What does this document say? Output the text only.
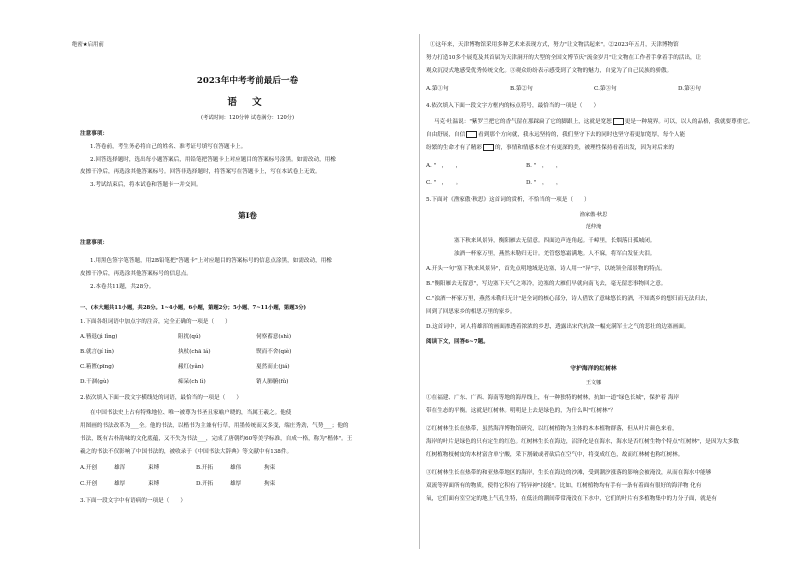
绝密★启用前
2023年中考考前最后一卷
语 文
(考试时间：120分钟 试卷满分：120分)
注意事项：
1.答卷前，考生务必将自己的姓名、准考证号填写在答题卡上。
2.回答选择题时，选出每小题答案后，用铅笔把答题卡上对应题目的答案标号涂黑。如需改动，用橡
皮擦干净后，再选涂其他答案标号。回答非选择题时，将答案写在答题卡上，写在本试卷上无效。
3.考试结束后，将本试卷和答题卡一并交回。
第Ⅰ卷
注意事项：
1.用黑色签字笔答题，用2B铅笔把"答题卡"上对应题目的答案标号的信息点涂黑，如需改动，用橡
皮擦干净后，再选涂其他答案标号的信息点。
2.本卷共11题，共28分。
一、(本大题共11小题，共28分。1~4小题，6小题，第题2分；5小题、7~11小题，第题3分)
1.下面各组词语中加点字的注音，完全正确的一项是（　　）
A.簪退(jì lǐng)	阻扰(qú)	伺察蓄意(shì)
B.就言(jí lín)	执杖(chā lá)	锲而不舍(qiè)
C.箱匮(pīng)	赧红(yǎn)	戛然而止(jiá)
D.干涸(gù)	痴呆(ch lì)	销人肺腑(fǔ)
2.依次填入下面一段文字横线处的词语，最恰当的一项是（　　）
在中国书法史上占有特殊地位、唯一被尊为书圣且家喻户晓的，当属王羲之。他使
用图画的书法改革为___全。他的书法，以楷书为主兼有行草，用墨传统而又多变，端庄秀劲，气势___；他的
书法，既有古朴韵味的文化底蕴，又不失为书法___，完成了唐朝约60等美学标准，自成一格，称为"楷体"。王
羲之的书法不仅影响了中国书法的，被收录于《中国书法大辞典》等文献中有138件。
A.开创	雄浑	束缚	B.开拓	雄伟	拘束
C.开创	雄厚	束缚	D.开拓	雄厚	拘束
3.下面一段文字中有语病的一项是（　　）
①这年来，天津博物馆采用多种艺术来表现方式，努力"让文物活起来"。②2023年五月，天津博物馆
努力打造10多个展览及其首届为天津洞开的大型的全国文博节庆"流金岁月"让文物在工作者手拿着手的活出，让
观众沉浸式地感受优秀传统文化。③观众纷纷表示感受到了文物的魅力，自觉为了自己民族的骄傲。
A.第①句	B.第②句	C.第③句	D.第④句
4.依次填入下面一段文字方框内的标点符号，最恰当的一项是（　　）
马克·吐温说："紫罗兰把它的香气留在那踩扁了它的脚跟上，这就是宽恕 更是一种境界。可以，以人的品格，我就要尊重它。
自由舒展，自信 看到那个方向就，我永远坚持的，我们坚守下去的同时也坚守着更加宽厚，每个人能
纷繁的生命才有了精彩 的，事情和情感本位才有更深的美，被理性保持看着出发，因为对后来的
A. "　，　　，	B. "　，　　，
C. "　，　　。	D. "　，　　，
5.下面对《渔家傲·秋思》这首词的赏析，不恰当的一项是（　　）
渔家傲·秋思
范仲淹
塞下秋来风景异，衡阳雁去无留意。四面边声连角起。千嶂里，长烟落日孤城闭。
浊酒一杯家万里，燕然未勒归无计。羌管悠悠霜满地。人不寐，将军白发征夫泪。
A.开头一句"塞下秋来风景异"，首先点明地域是边塞，诗人用一"异"字，以统领全部景物的特点。
B."衡阳雁去无留意"，写边塞下天气之寒冷，边塞的大雁们早就向南飞去，毫无留恋事物回之意。
C."浊酒一杯家万里，燕然未勒归无计"是全词的核心部分，诗人借饮了意味悠长的酒，不知离乡的想归而无法归去，
回到了回思家乡的相思万里的家乡。
D.这首词中，词人将雄浑的画面渗透着浓浓的乡思，透露出宋代抗敌一幅充满军士之气的悲壮的边塞画面。
阅读下文，回答6~7题。
守护海洋的红树林
王文娜
①在福建、广东、广西、海南等地的海岸线上，有一种独特的树林，抗如一道"绿色长城"，保护着 海岸
带在生态的平衡。这就是红树林。明明是上去是绿色的，为什么叫"红树林"？
②红树林生长在热带，虽然海洋博物馆研究，以红树植物为主体的木本植物群落，但从叶片颜色来看，
海岸的叶片是绿色的只有定生的红色。红树林生长在海边，沼泽化是在海水，海水是否红树生物个特点"红树林"，是因为大多数
红树植物枝树皮的木材富含单宁酸，采下割破或者砍后在空气中，将变成红色，故而红林树也称红树林。
③红树林生长在热带的和亚热带地区的海岸，生长在海边的沙滩，受到潮汐涨落的影响会被淹没，从而在海水中能够
双流等界面所有的物质，使得它积有了特异神"技能"。比如，红树植物均有手有一条有着面有很好的海洋物 化有
氧，它们面有室空定的地上气孔生特，在低洼的潮间带常淹没在下水中，它们的叶片有多植物集中的力分子面，就是有
